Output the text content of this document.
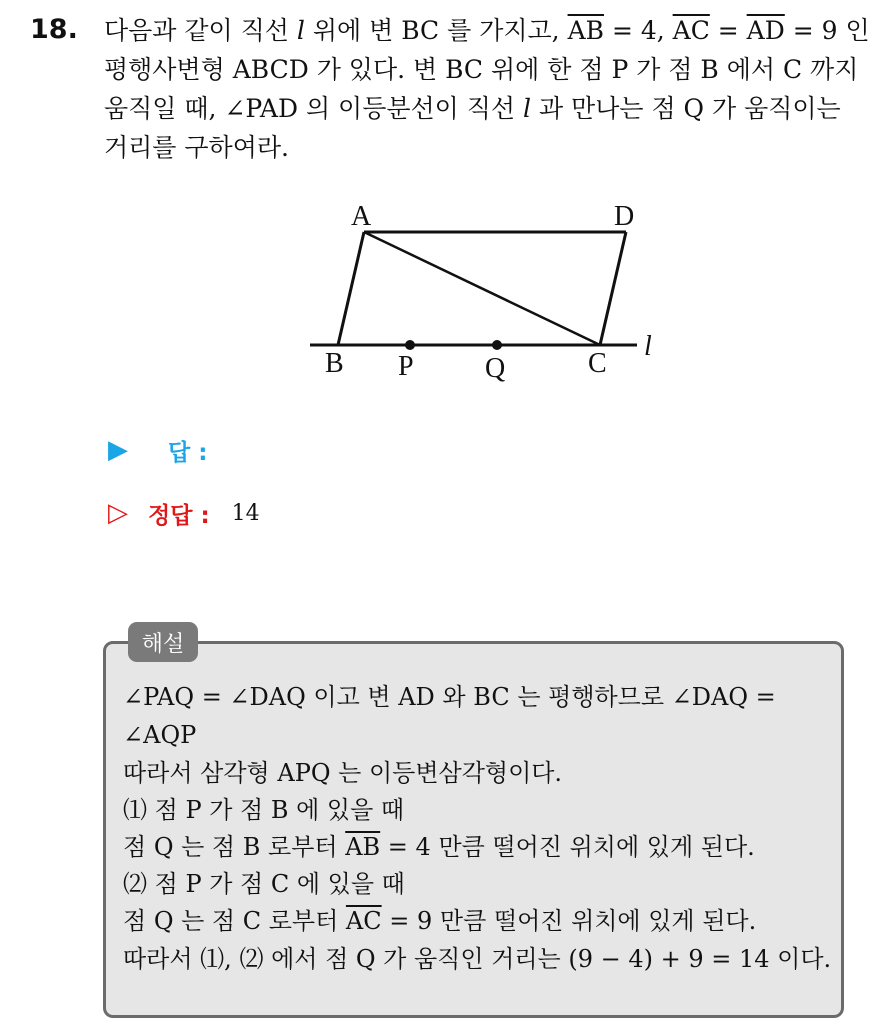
18. 다음과 같이 직선 l 위에 변 BC 를 가지고, $\overline{AB} = 4$, $\overline{AC} = \overline{AD} = 9$ 인
평행사변형 ABCD 가 있다. 변 BC 위에 한 점 P 가 점 B 에서 C 까지
움직일 때, ∠PAD 의 이등분선이 직선 l 과 만나는 점 Q 가 움직이는
거리를 구하여라.
A	D
B P	Q	C
l
▶	답 :
▷ 정답 : 14
해설
∠PAQ = ∠DAQ 이고 변 AD 와 BC 는 평행하므로 ∠DAQ =
∠AQP
따라서 삼각형 APQ 는 이등변삼각형이다.
⑴ 점 P 가 점 B 에 있을 때
점 Q 는 점 B 로부터 $\overline{AB} = 4$ 만큼 떨어진 위치에 있게 된다.
⑵ 점 P 가 점 C 에 있을 때
점 Q 는 점 C 로부터 $\overline{AC} = 9$ 만큼 떨어진 위치에 있게 된다.
따라서 ⑴, ⑵ 에서 점 Q 가 움직인 거리는 (9 − 4) + 9 = 14 이다.
